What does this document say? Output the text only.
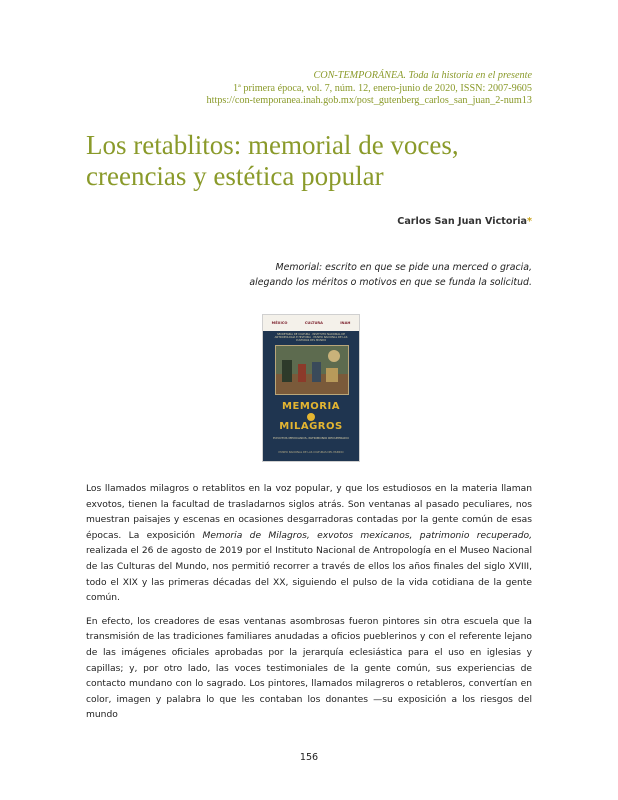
CON-TEMPORÁNEA. Toda la historia en el presente
1ª primera época, vol. 7, núm. 12, enero-junio de 2020, ISSN: 2007-9605
https://con-temporanea.inah.gob.mx/post_gutenberg_carlos_san_juan_2-num13
Los retablitos: memorial de voces,
creencias y estética popular
Carlos San Juan Victoria*
Memorial: escrito en que se pide una merced o gracia,
alegando los méritos o motivos en que se funda la solicitud.
MÉXICO	CULTURA	INAH
SECRETARÍA DE CULTURA · INSTITUTO NACIONAL DE ANTROPOLOGÍA E HISTORIA · MUSEO NACIONAL DE LAS CULTURAS DEL MUNDO
MEMORIA
MILAGROS
EXVOTOS MEXICANOS, PATRIMONIO RECUPERADO
MUSEO NACIONAL DE LAS CULTURAS DEL MUNDO

Los llamados milagros o retablitos en la voz popular, y que los estudiosos en la materia llaman exvotos, tienen la facultad de trasladarnos siglos atrás. Son ventanas al pasado peculiares, nos muestran paisajes y escenas en ocasiones desgarradoras contadas por la gente común de esas épocas. La exposición Memoria de Milagros, exvotos mexicanos, patrimonio recuperado, realizada el 26 de agosto de 2019 por el Instituto Nacional de Antropología en el Museo Nacional de las Culturas del Mundo, nos permitió recorrer a través de ellos los años finales del siglo XVIII, todo el XIX y las primeras décadas del XX, siguiendo el pulso de la vida cotidiana de la gente común.

En efecto, los creadores de esas ventanas asombrosas fueron pintores sin otra escuela que la transmisión de las tradiciones familiares anudadas a oficios pueblerinos y con el referente lejano de las imágenes oficiales aprobadas por la jerarquía eclesiástica para el uso en iglesias y capillas; y, por otro lado, las voces testimoniales de la gente común, sus experiencias de contacto mundano con lo sagrado. Los pintores, llamados milagreros o retableros, convertían en color, imagen y palabra lo que les contaban los donantes —su exposición a los riesgos del mundo

156
